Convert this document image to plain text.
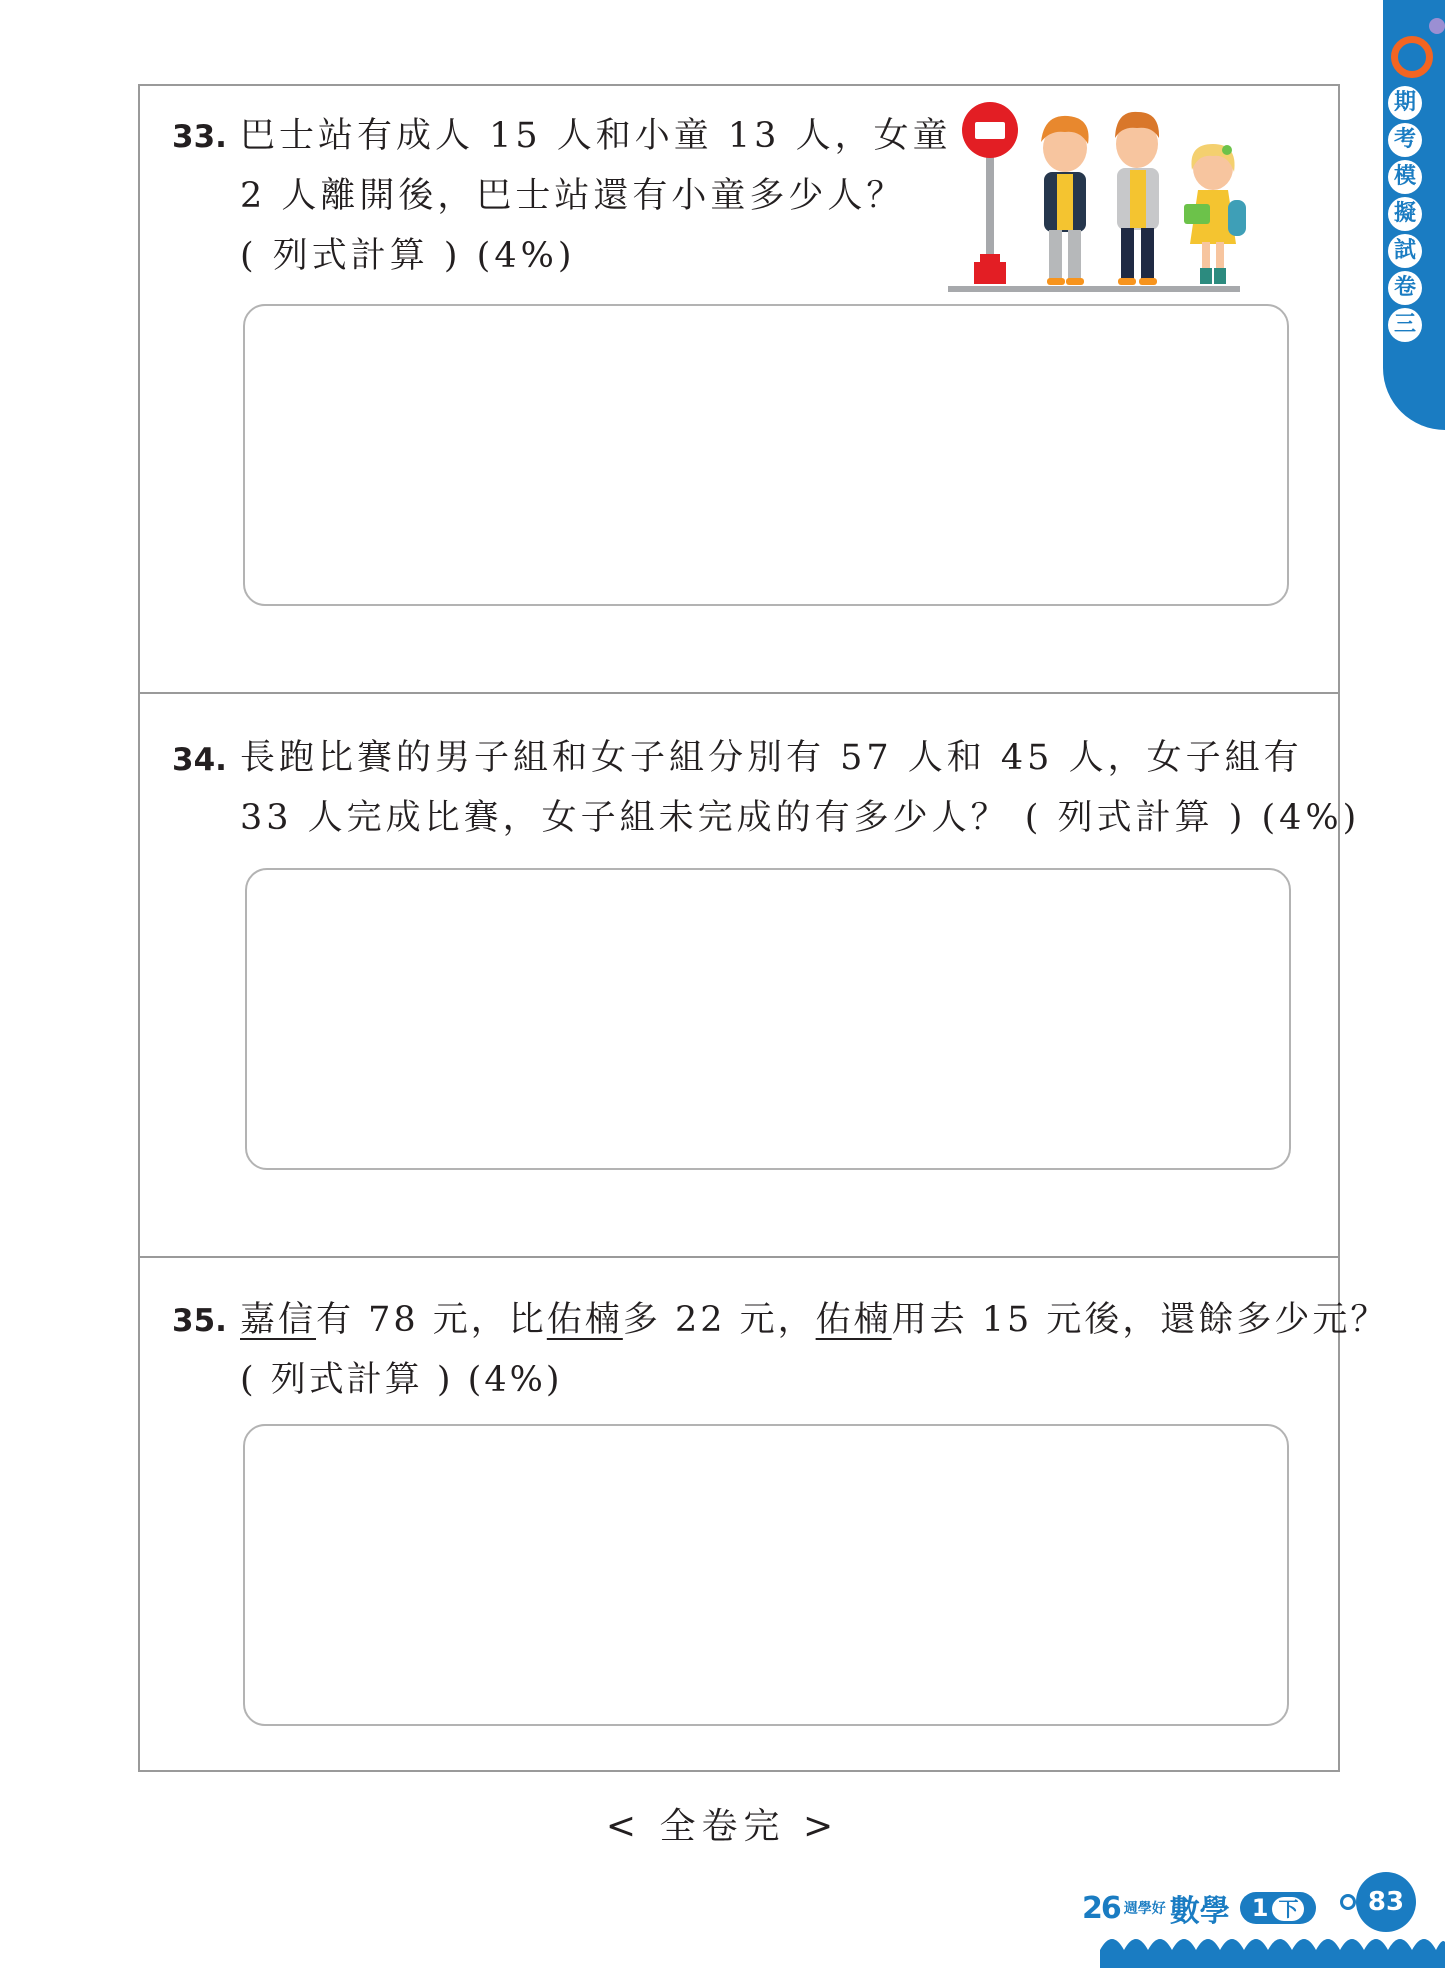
33. 巴士站有成人 15 人和小童 13 人，女童
2 人離開後，巴士站還有小童多少人？
( 列式計算 ) (4%)
34. 長跑比賽的男子組和女子組分別有 57 人和 45 人，女子組有
33 人完成比賽，女子組未完成的有多少人？ ( 列式計算 ) (4%)
35. 嘉信有 78 元，比佑楠多 22 元，佑楠用去 15 元後，還餘多少元？
( 列式計算 ) (4%)
< 全卷完 >
期
考
模
擬
試
卷
三
26 週學好 數學 1 下	83
